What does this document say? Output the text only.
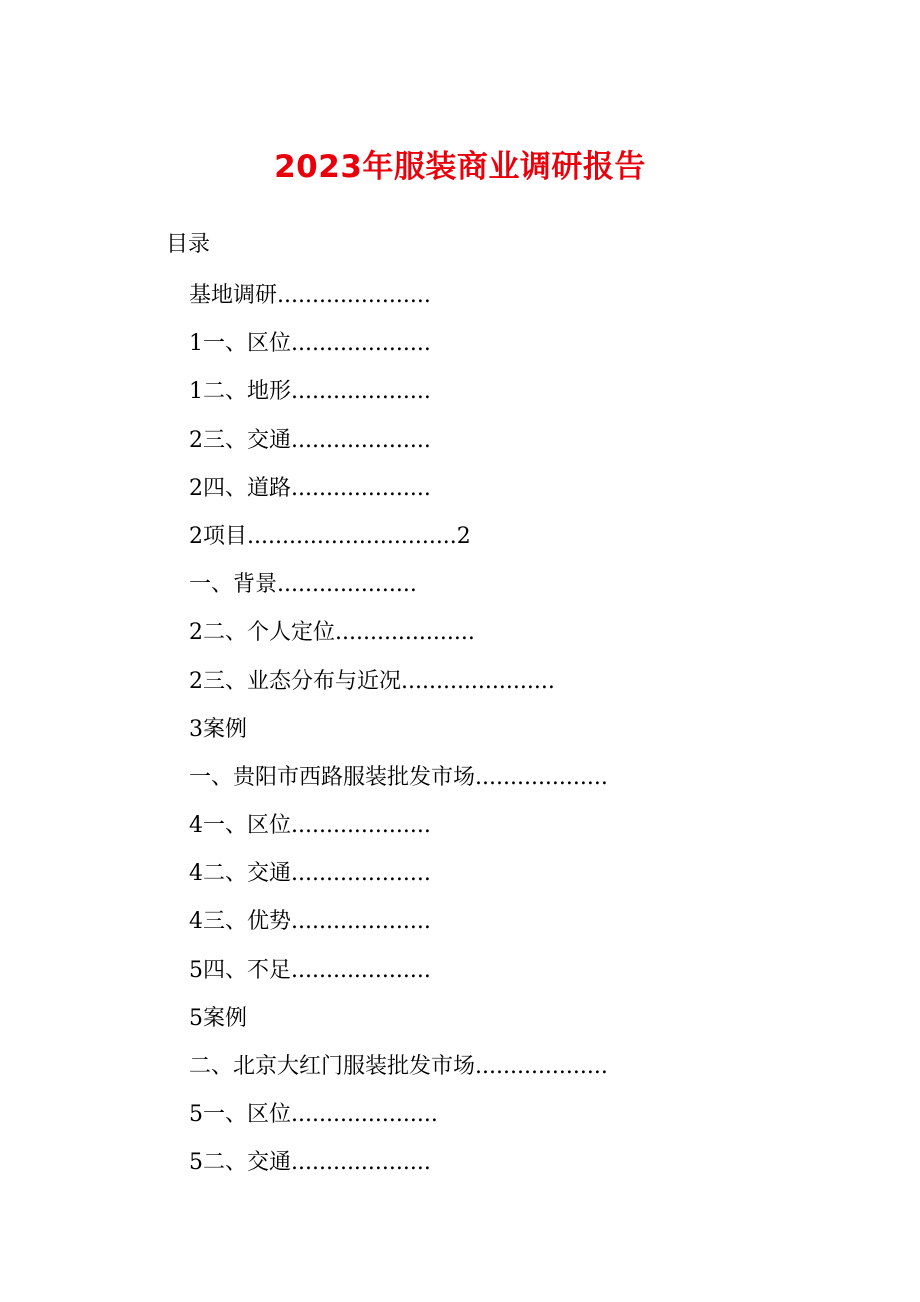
2023年服装商业调研报告
目录
基地调研......................
1一、区位....................
1二、地形....................
2三、交通....................
2四、道路....................
2项目..............................2
一、背景....................
2二、个人定位....................
2三、业态分布与近况......................
3案例
一、贵阳市西路服装批发市场...................
4一、区位....................
4二、交通....................
4三、优势....................
5四、不足....................
5案例
二、北京大红门服装批发市场...................
5一、区位.....................
5二、交通....................
